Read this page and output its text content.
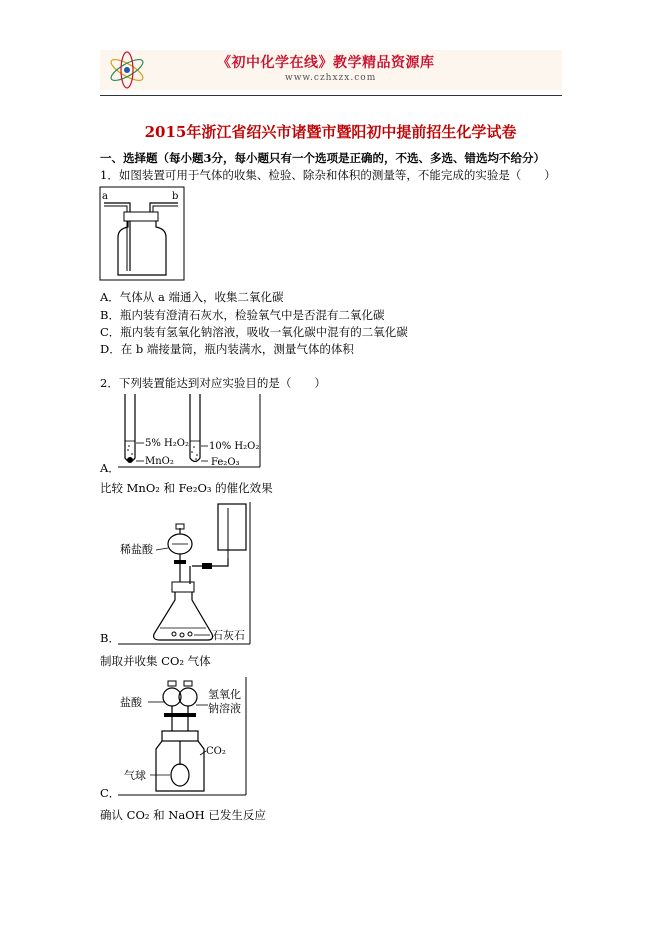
《初中化学在线》教学精品资源库
www.czhxzx.com
2015年浙江省绍兴市诸暨市暨阳初中提前招生化学试卷
一、选择题（每小题3分，每小题只有一个选项是正确的，不选、多选、错选均不给分）
1．如图装置可用于气体的收集、检验、除杂和体积的测量等，不能完成的实验是（　　）
a	b
A．气体从 a 端通入，收集二氧化碳
B．瓶内装有澄清石灰水，检验氧气中是否混有二氧化碳
C．瓶内装有氢氧化钠溶液，吸收一氧化碳中混有的二氧化碳
D．在 b 端接量筒，瓶内装满水，测量气体的体积
2．下列装置能达到对应实验目的是（　　）
5% H₂O₂
MnO₂
10% H₂O₂
Fe₂O₃
A．
比较 MnO₂ 和 Fe₂O₃ 的催化效果
稀盐酸
石灰石
B．
制取并收集 CO₂ 气体
盐酸
氢氧化
钠溶液
CO₂
气球
C．
确认 CO₂ 和 NaOH 已发生反应
